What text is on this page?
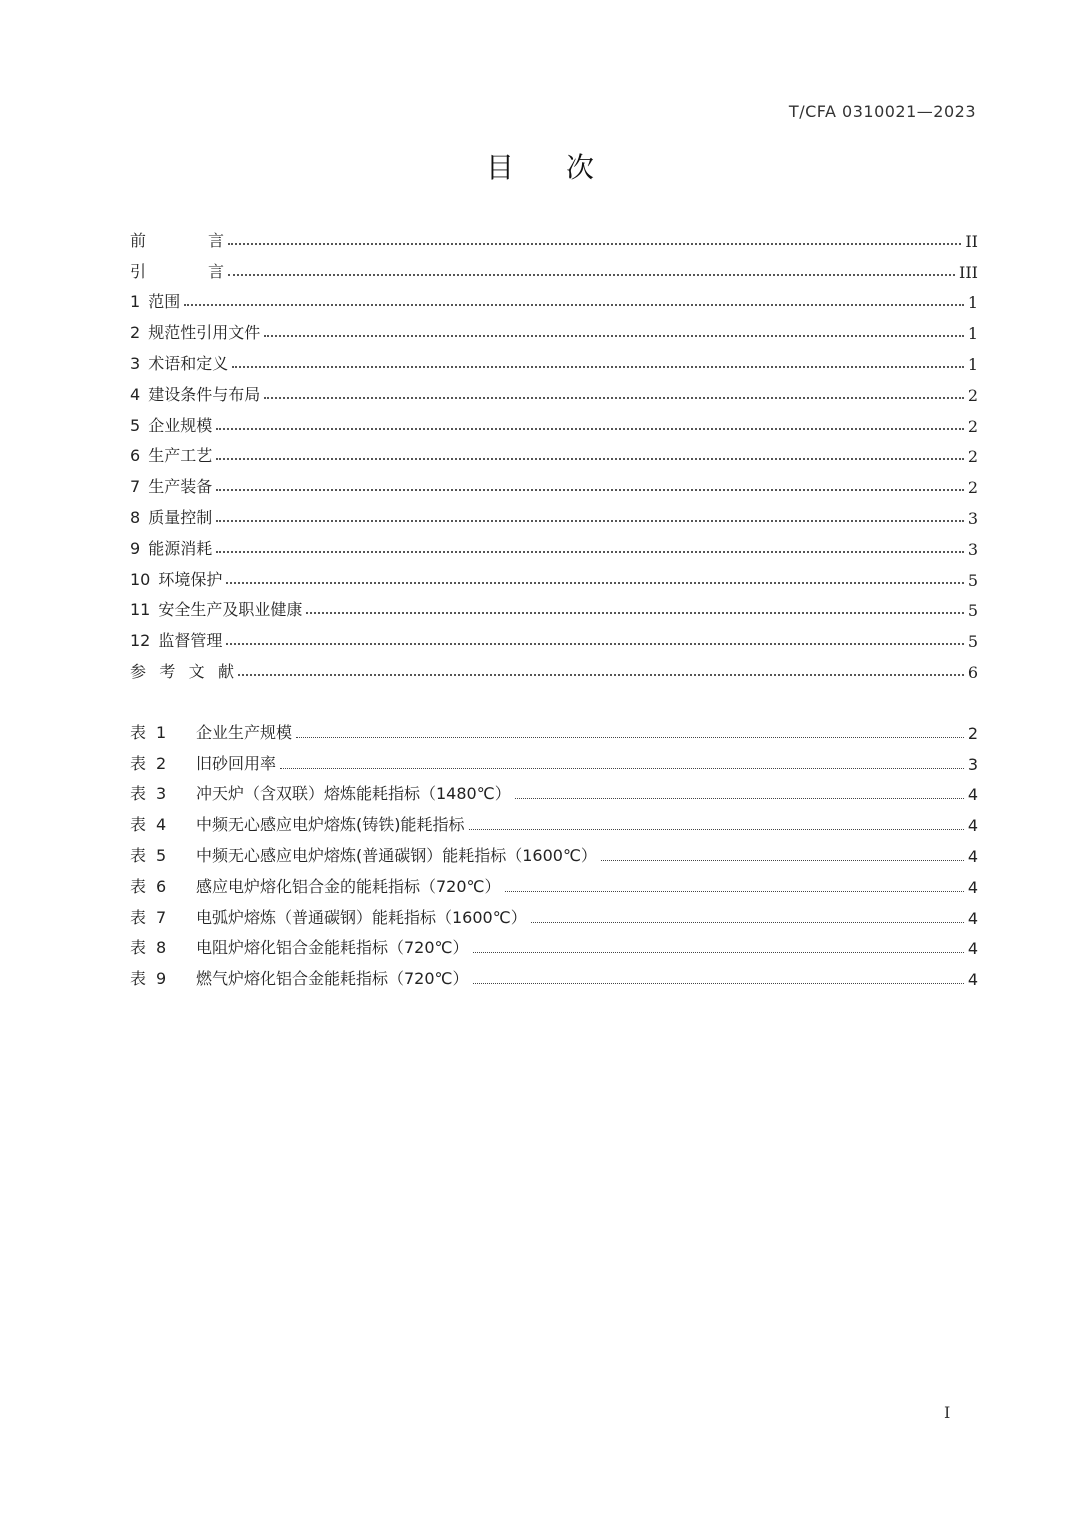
T/CFA 0310021—2023
目次
前	言	II
引	言	III
1 范围	1
2 规范性引用文件	1
3 术语和定义	1
4 建设条件与布局	2
5 企业规模	2
6 生产工艺	2
7 生产装备	2
8 质量控制	3
9 能源消耗	3
10 环境保护	5
11 安全生产及职业健康	5
12 监督管理	5
参 考 文 献	6
表 1	企业生产规模	2
表 2	旧砂回用率	3
表 3	冲天炉（含双联）熔炼能耗指标（1480℃）	4
表 4	中频无心感应电炉熔炼(铸铁)能耗指标	4
表 5	中频无心感应电炉熔炼(普通碳钢）能耗指标（1600℃）	4
表 6	感应电炉熔化铝合金的能耗指标（720℃）	4
表 7	电弧炉熔炼（普通碳钢）能耗指标（1600℃）	4
表 8	电阻炉熔化铝合金能耗指标（720℃）	4
表 9	燃气炉熔化铝合金能耗指标（720℃）	4
I
